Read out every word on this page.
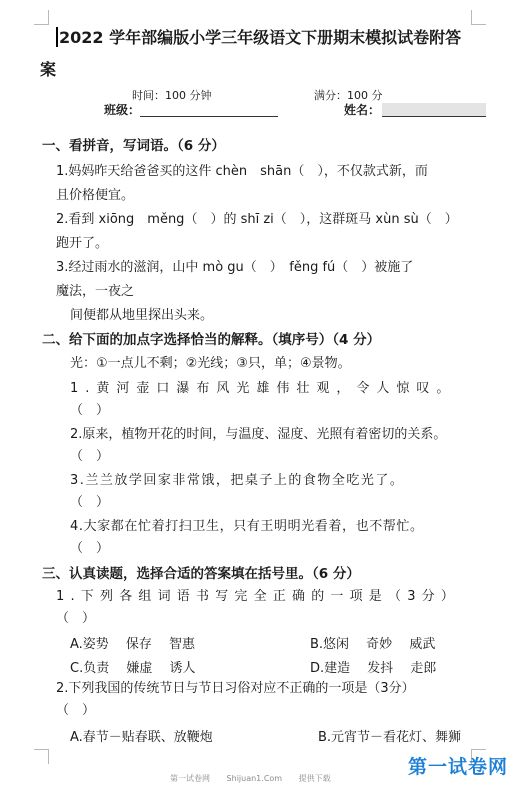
2022 学年部编版小学三年级语文下册期末模拟试卷附答
案
时间：100 分钟	满分：100 分
班级：	姓名：
一、看拼音，写词语。（6 分）
1.妈妈昨天给爸爸买的这件 chèn　shān（　），不仅款式新，而
且价格便宜。
2.看到 xiōng　měng（　）的 shī zi（　），这群斑马 xùn sù（　）
跑开了。
3.经过雨水的滋润，山中 mò gu（　）　fěng fú（　）被施了
魔法，一夜之
间便都从地里探出头来。
二、给下面的加点字选择恰当的解释。（填序号）（4 分）
光：①一点儿不剩；②光线；③只，单；④景物。
1.黄河壶口瀑布风光雄伟壮观，令人惊叹。
（　）
2.原来，植物开花的时间，与温度、湿度、光照有着密切的关系。
（　）
3.兰兰放学回家非常饿，把桌子上的食物全吃光了。
（　）
4.大家都在忙着打扫卫生，只有王明明光看着，也不帮忙。
（　）
三、认真读题，选择合适的答案填在括号里。（6 分）
1.下列各组词语书写完全正确的一项是（3分）
（　）
A.姿势　 保存　 智惠	B.悠闲　 奇妙　 威武
C.负责　 嫌虚　 诱人	D.建造　 发抖　 走郎
2.下列我国的传统节日与节日习俗对应不正确的一项是（3分）
（　）
A.春节－贴春联、放鞭炮	B.元宵节－看花灯、舞狮
第一试卷网 Shijuan1.Com 提供下载
第一试卷网
